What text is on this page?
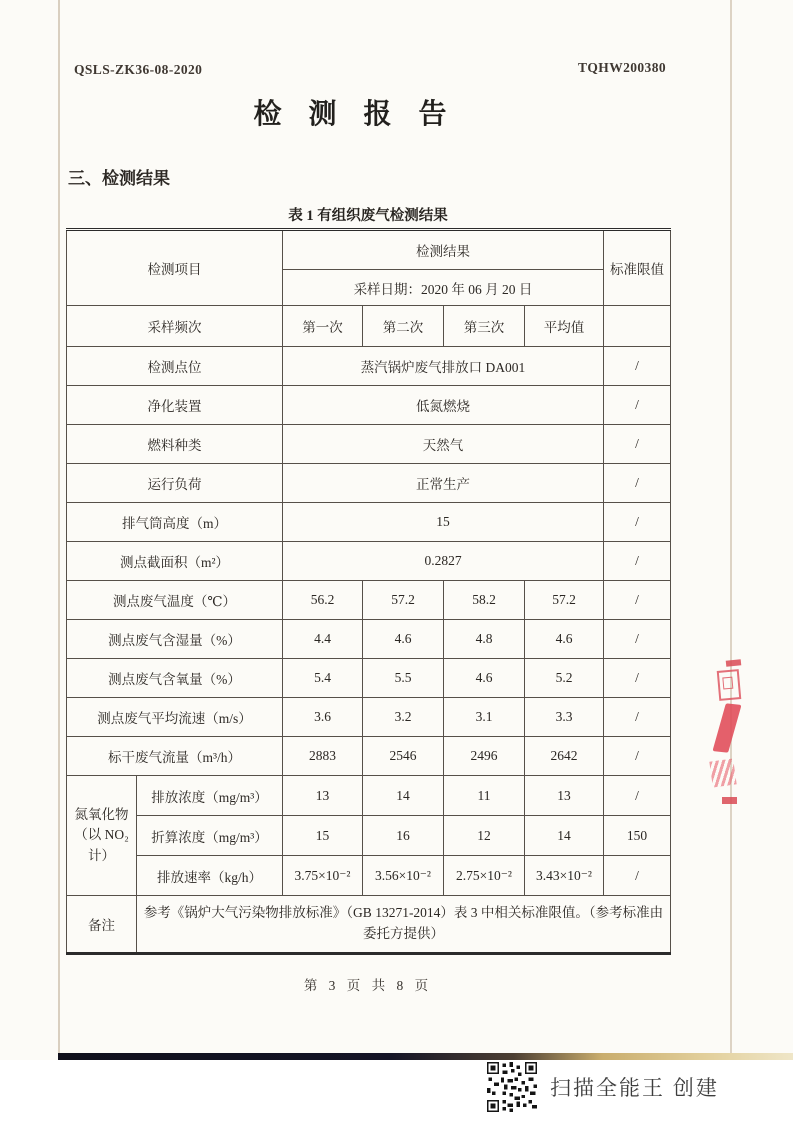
QSLS-ZK36-08-2020	TQHW200380
检 测 报 告
三、检测结果
表 1 有组织废气检测结果
检测项目		检测结果				标准限值
		采样日期：2020 年 06 月 20 日				
采样频次		第一次	第二次	第三次	平均值	
检测点位		蒸汽锅炉废气排放口 DA001				/
净化装置		低氮燃烧				/
燃料种类		天然气				/
运行负荷		正常生产				/
排气筒高度（m）		15				/
测点截面积（m²）		0.2827				/
测点废气温度（℃）		56.2	57.2	58.2	57.2	/
测点废气含湿量（%）		4.4	4.6	4.8	4.6	/
测点废气含氧量（%）		5.4	5.5	4.6	5.2	/
测点废气平均流速（m/s）		3.6	3.2	3.1	3.3	/
标干废气流量（m³/h）		2883	2546	2496	2642	/

氮氧化物
（以 NO₂ 计）	排放浓度（mg/m³）	13	14	11	13	/
	折算浓度（mg/m³）	15	16	12	14	150
	排放速率（kg/h）	3.75×10⁻²	3.56×10⁻²	2.75×10⁻²	3.43×10⁻²	/
备注	参考《锅炉大气污染物排放标准》（GB 13271-2014）表 3 中相关标准限值。（参考标准由委托方提供）					
第 3 页 共 8 页
扫描全能王 创建
